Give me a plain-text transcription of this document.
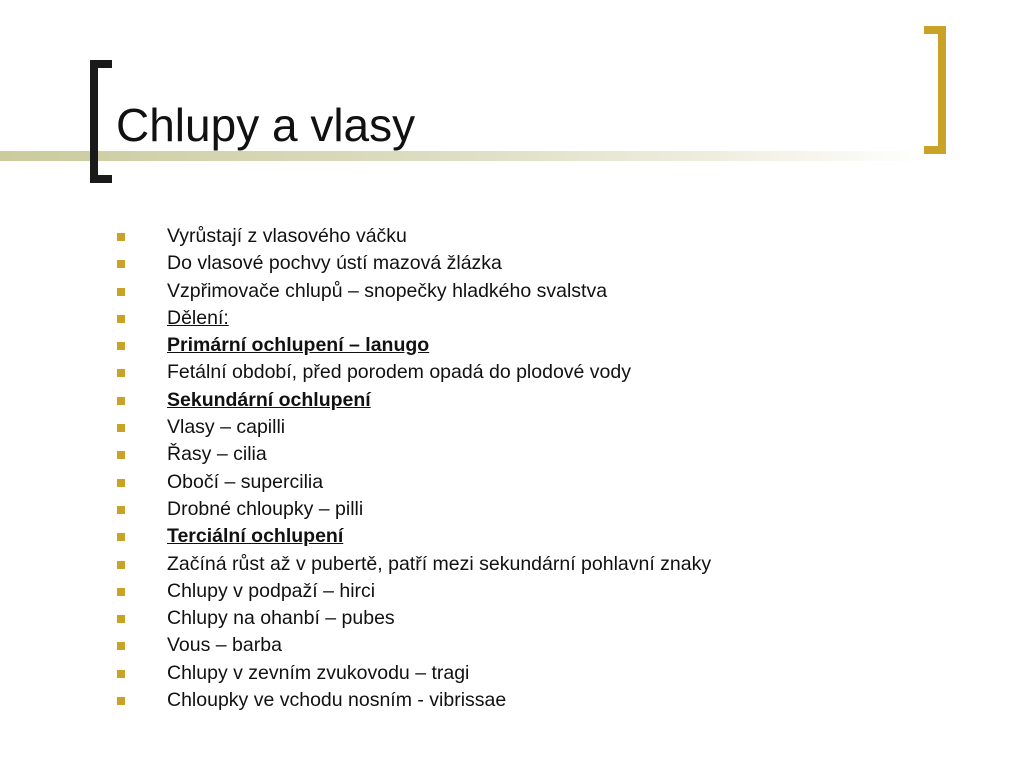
Chlupy a vlasy
Vyrůstají z vlasového váčku
Do vlasové pochvy ústí mazová žlázka
Vzpřimovače chlupů – snopečky hladkého svalstva
Dělení:
Primární ochlupení – lanugo
Fetální období, před porodem opadá do plodové vody
Sekundární ochlupení
Vlasy – capilli
Řasy – cilia
Obočí – supercilia
Drobné chloupky – pilli
Terciální ochlupení
Začíná růst až v pubertě, patří mezi sekundární pohlavní znaky
Chlupy v podpaží – hirci
Chlupy na ohanbí – pubes
Vous – barba
Chlupy v zevním zvukovodu – tragi
Chloupky ve vchodu nosním - vibrissae
